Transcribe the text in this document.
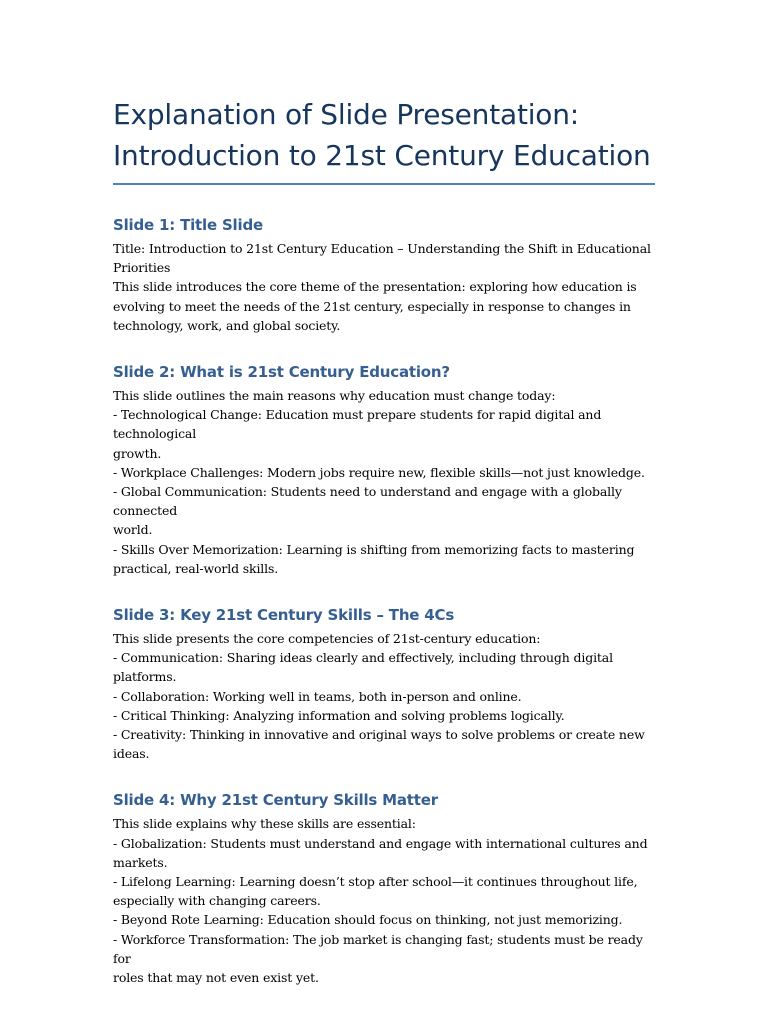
Explanation of Slide Presentation:
Introduction to 21st Century Education
Slide 1: Title Slide

Title: Introduction to 21st Century Education – Understanding the Shift in Educational
Priorities
This slide introduces the core theme of the presentation: exploring how education is
evolving to meet the needs of the 21st century, especially in response to changes in
technology, work, and global society.

Slide 2: What is 21st Century Education?

This slide outlines the main reasons why education must change today:
- Technological Change: Education must prepare students for rapid digital and technological
growth.
- Workplace Challenges: Modern jobs require new, flexible skills—not just knowledge.
- Global Communication: Students need to understand and engage with a globally connected
world.
- Skills Over Memorization: Learning is shifting from memorizing facts to mastering
practical, real-world skills.

Slide 3: Key 21st Century Skills – The 4Cs

This slide presents the core competencies of 21st-century education:
- Communication: Sharing ideas clearly and effectively, including through digital platforms.
- Collaboration: Working well in teams, both in-person and online.
- Critical Thinking: Analyzing information and solving problems logically.
- Creativity: Thinking in innovative and original ways to solve problems or create new ideas.

Slide 4: Why 21st Century Skills Matter

This slide explains why these skills are essential:
- Globalization: Students must understand and engage with international cultures and
markets.
- Lifelong Learning: Learning doesn’t stop after school—it continues throughout life,
especially with changing careers.
- Beyond Rote Learning: Education should focus on thinking, not just memorizing.
- Workforce Transformation: The job market is changing fast; students must be ready for
roles that may not even exist yet.
